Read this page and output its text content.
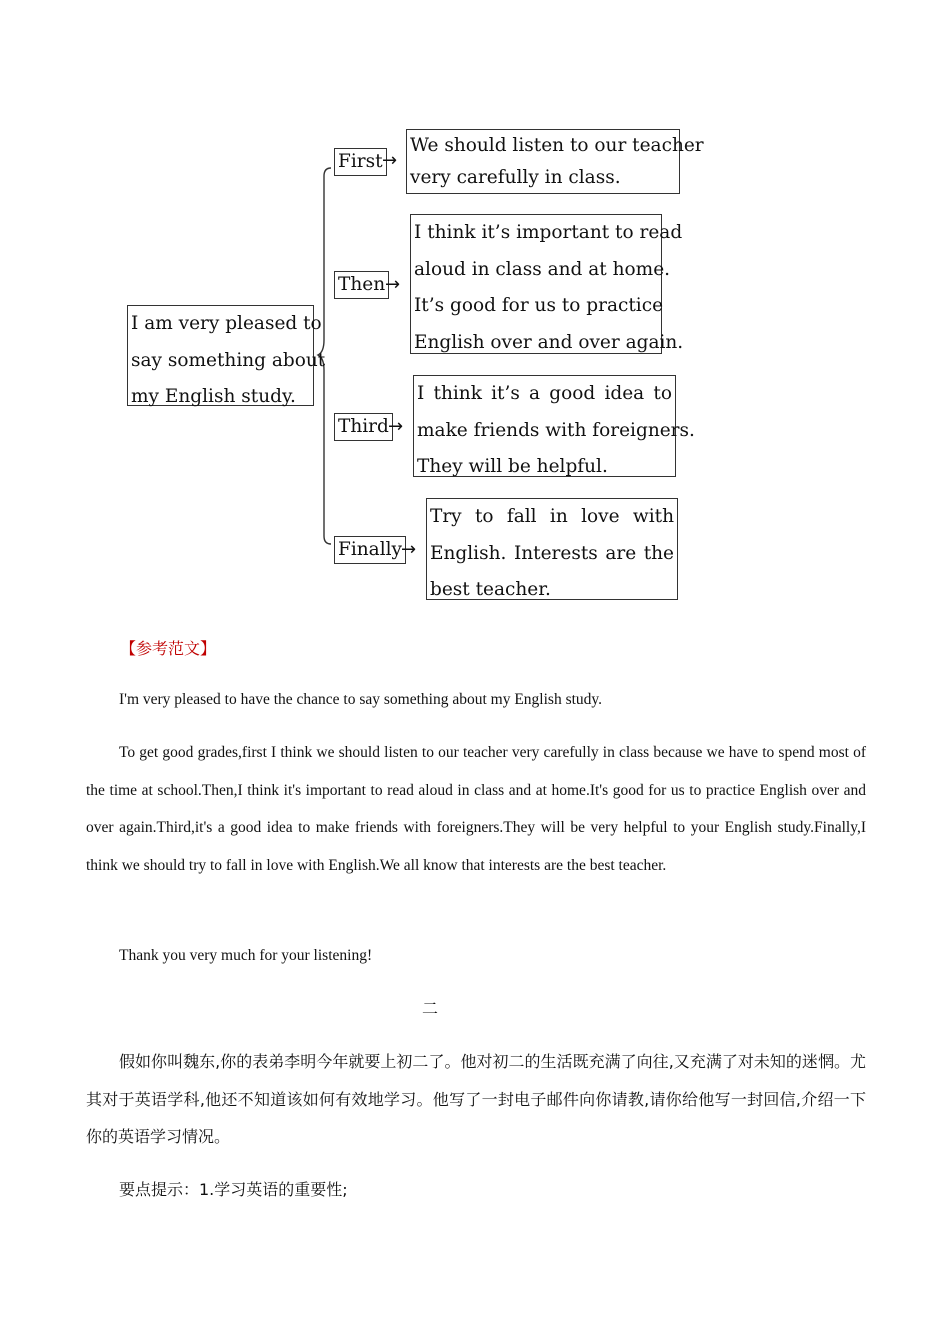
I am very pleased to
say something about
my English study.
First →
We should listen to our teacher
very carefully in class.
Then →
I think it’s important to read
aloud in class and at home.
It’s good for us to practice
English over and over again.
Third →
I think it’s a good idea to
make friends with foreigners.
They will be helpful.
Finally →
Try to fall in love with
English. Interests are the
best teacher.
【参考范文】
I'm very pleased to have the chance to say something about my English study.
To get good grades,first I think we should listen to our teacher very carefully in class because we have to spend most of the time at school.Then,I think it's important to read aloud in class and at home.It's good for us to practice English over and over again.Third,it's a good idea to make friends with foreigners.They will be very helpful to your English study.Finally,I think we should try to fall in love with English.We all know that interests are the best teacher.
Thank you very much for your listening!
二
假如你叫魏东,你的表弟李明今年就要上初二了。他对初二的生活既充满了向往,又充满了对未知的迷惘。尤其对于英语学科,他还不知道该如何有效地学习。他写了一封电子邮件向你请教,请你给他写一封回信,介绍一下你的英语学习情况。
要点提示：1.学习英语的重要性;
